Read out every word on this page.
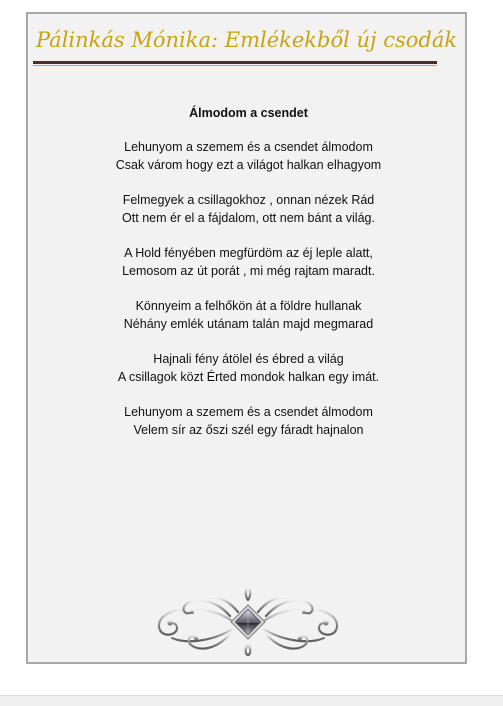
Pálinkás Mónika: Emlékekből új csodák
Álmodom a csendet
Lehunyom a szemem és a csendet álmodom
Csak várom hogy ezt a világot halkan elhagyom
Felmegyek a csillagokhoz , onnan nézek Rád
Ott nem ér el a fájdalom, ott nem bánt a világ.
A Hold fényében megfürdöm az éj leple alatt,
Lemosom az út porát , mi még rajtam maradt.
Könnyeim a felhőkön át a földre hullanak
Néhány emlék utánam talán majd megmarad
Hajnali fény átölel és ébred a világ
A csillagok közt Érted mondok halkan egy imát.
Lehunyom a szemem és a csendet álmodom
Velem sír az őszi szél egy fáradt hajnalon
